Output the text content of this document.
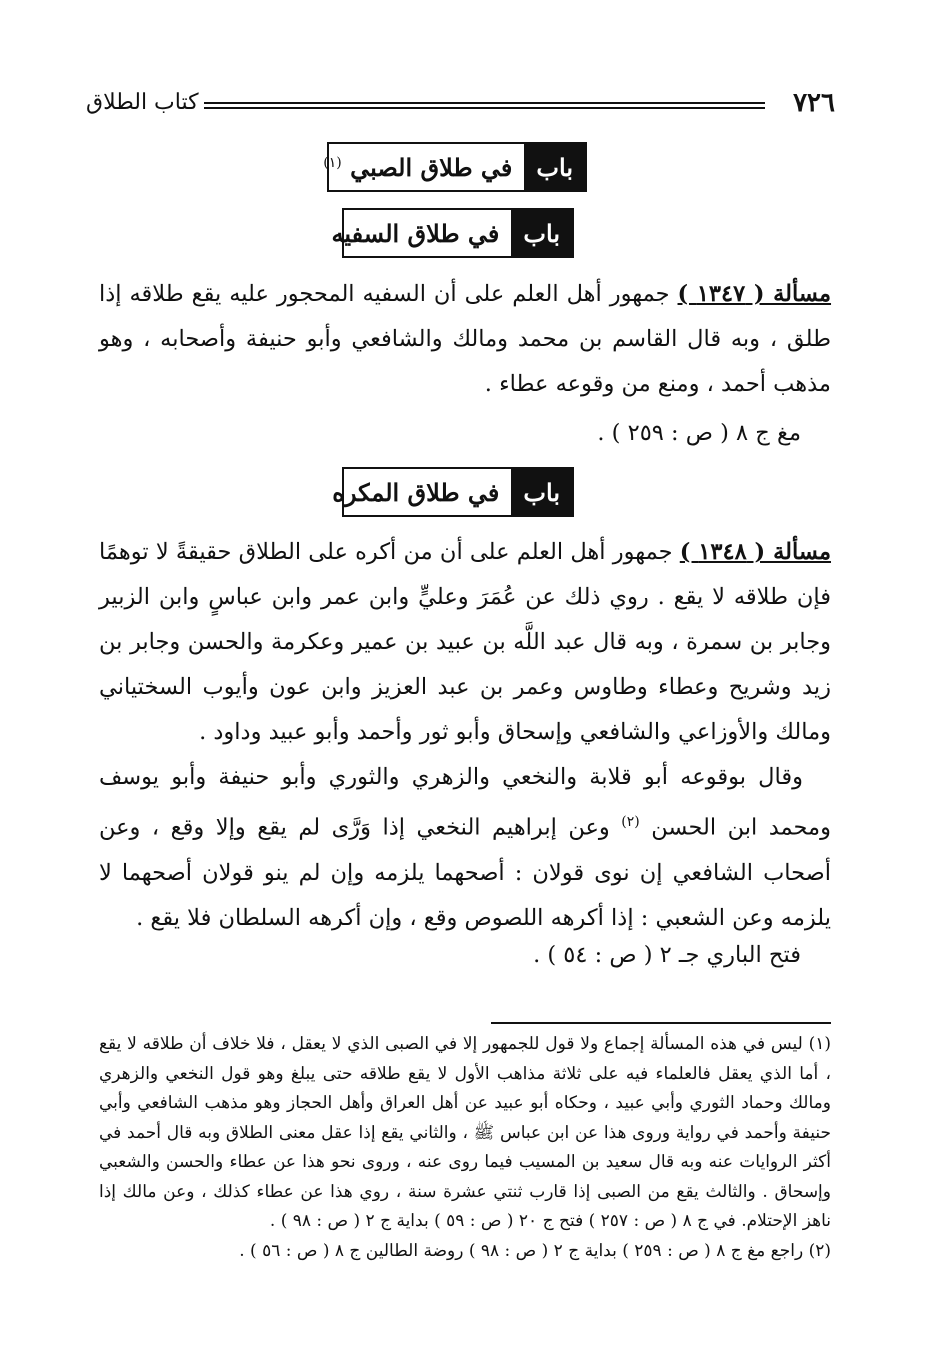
٧٢٦
كتاب الطلاق
باب
في طلاق الصبي $^{(١)}$
باب
في طلاق السفيه

مسألة ( ١٣٤٧ ) جمهور أهل العلم على أن السفيه المحجور عليه يقع طلاقه إذا طلق ، وبه قال القاسم بن محمد ومالك والشافعي وأبو حنيفة وأصحابه ، وهو مذهب أحمد ، ومنع من وقوعه عطاء .

مغ ج ٨ ( ص : ٢٥٩ ) .
باب
في طلاق المكره

مسألة ( ١٣٤٨ ) جمهور أهل العلم على أن من أكره على الطلاق حقيقةً لا توهمًا فإن طلاقه لا يقع . روي ذلك عن عُمَرَ وعليٍّ وابن عمر وابن عباسٍ وابن الزبير وجابر بن سمرة ، وبه قال عبد اللَّه بن عبيد بن عمير وعكرمة والحسن وجابر بن زيد وشريح وعطاء وطاوس وعمر بن عبد العزيز وابن عون وأيوب السختياني ومالك والأوزاعي والشافعي وإسحاق وأبو ثور وأحمد وأبو عبيد وداود .

وقال بوقوعه أبو قلابة والنخعي والزهري والثوري وأبو حنيفة وأبو يوسف ومحمد ابن الحسن $^{(٢)}$ وعن إبراهيم النخعي إذا وَرَّى لم يقع وإلا وقع ، وعن أصحاب الشافعي إن نوى قولان : أصحهما يلزمه وإن لم ينو قولان أصحهما لا يلزمه وعن الشعبي : إذا أكرهه اللصوص وقع ، وإن أكرهه السلطان فلا يقع .

فتح الباري جـ ٢ ( ص : ٥٤ ) .

(١) ليس في هذه المسألة إجماع ولا قول للجمهور إلا في الصبى الذي لا يعقل ، فلا خلاف أن طلاقه لا يقع ، أما الذي يعقل فالعلماء فيه على ثلاثة مذاهب الأول لا يقع طلاقه حتى يبلغ وهو قول النخعي والزهري ومالك وحماد الثوري وأبي عبيد ، وحكاه أبو عبيد عن أهل العراق وأهل الحجاز وهو مذهب الشافعي وأبي حنيفة وأحمد في رواية وروى هذا عن ابن عباس ﷺ ، والثاني يقع إذا عقل معنى الطلاق وبه قال أحمد في أكثر الروايات عنه وبه قال سعيد بن المسيب فيما روى عنه ، وروى نحو هذا عن عطاء والحسن والشعبي وإسحاق . والثالث يقع من الصبى إذا قارب ثنتي عشرة سنة ، روي هذا عن عطاء كذلك ، وعن مالك إذا ناهز الإحتلام. في ج ٨ ( ص : ٢٥٧ ) فتح ج ٢٠ ( ص : ٥٩ ) بداية ج ٢ ( ص : ٩٨ ) .

(٢) راجع مغ ج ٨ ( ص : ٢٥٩ ) بداية ج ٢ ( ص : ٩٨ ) روضة الطالين ج ٨ ( ص : ٥٦ ) .
